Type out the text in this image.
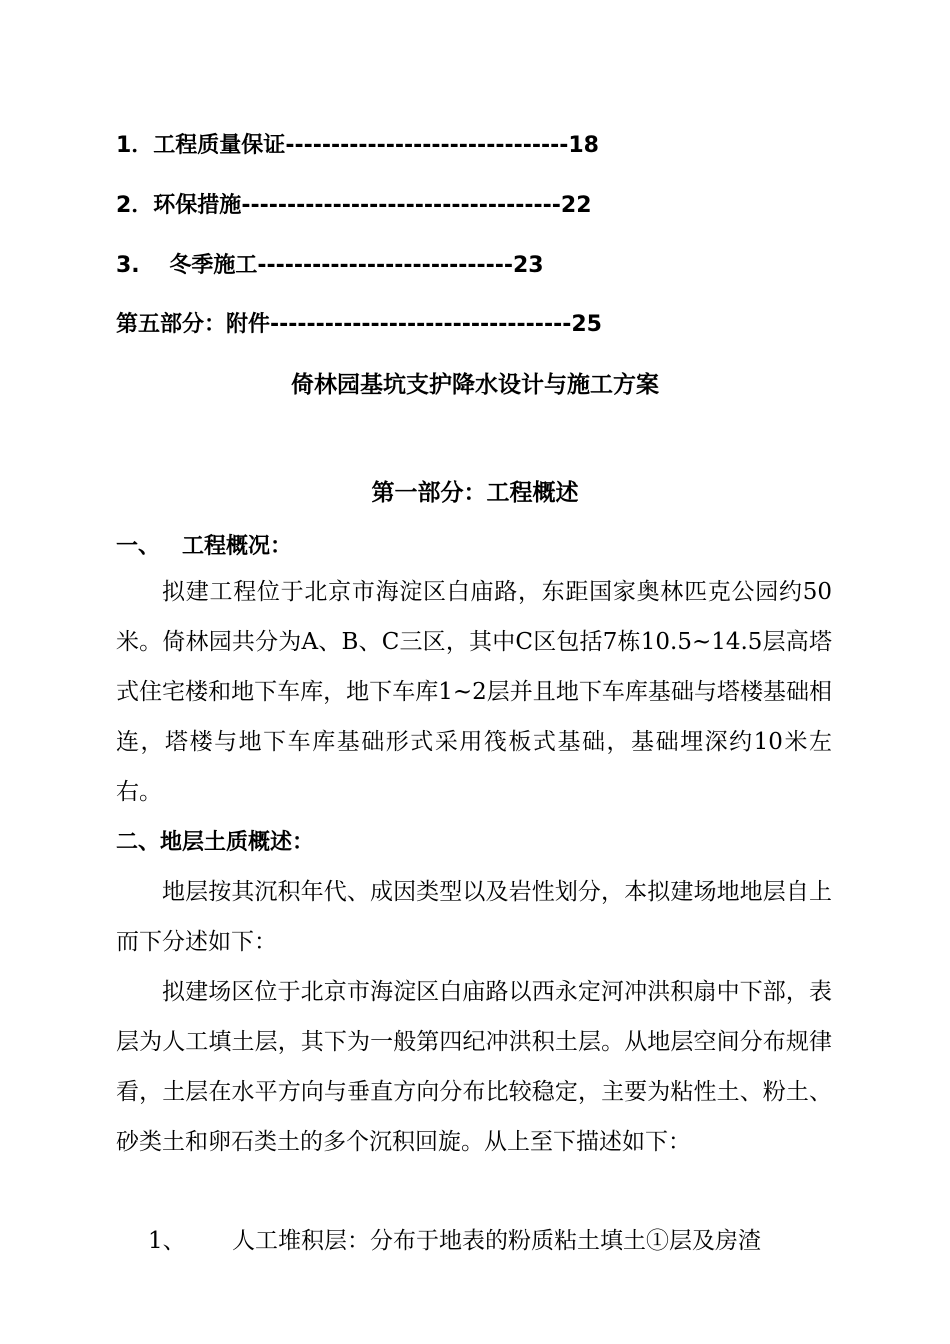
1．工程质量保证-------------------------------18
2．环保措施-----------------------------------22
3.　 冬季施工----------------------------23
第五部分：附件---------------------------------25
倚林园基坑支护降水设计与施工方案
第一部分：工程概述
一、 工程概况：
拟建工程位于北京市海淀区白庙路，东距国家奥林匹克公园约50米。倚林园共分为A、B、C三区，其中C区包括7栋10.5~14.5层高塔式住宅楼和地下车库，地下车库1~2层并且地下车库基础与塔楼基础相连，塔楼与地下车库基础形式采用筏板式基础，基础埋深约10米左右。
二、地层土质概述：
地层按其沉积年代、成因类型以及岩性划分，本拟建场地地层自上而下分述如下：
拟建场区位于北京市海淀区白庙路以西永定河冲洪积扇中下部，表层为人工填土层，其下为一般第四纪冲洪积土层。从地层空间分布规律看，土层在水平方向与垂直方向分布比较稳定，主要为粘性土、粉土、砂类土和卵石类土的多个沉积回旋。从上至下描述如下：
1、 人工堆积层：分布于地表的粉质粘土填土①层及房渣
